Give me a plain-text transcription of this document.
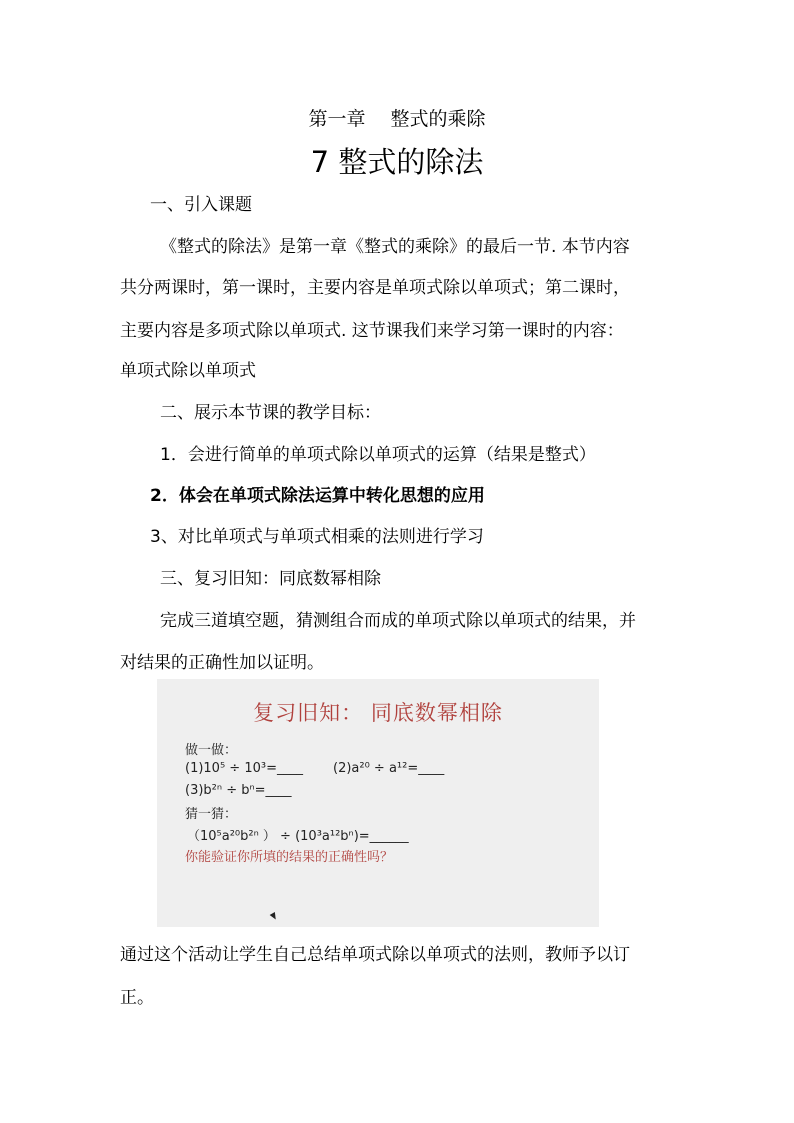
第一章　 整式的乘除
7 整式的除法
一、引入课题
《整式的除法》是第一章《整式的乘除》的最后一节. 本节内容
共分两课时，第一课时，主要内容是单项式除以单项式；第二课时，
主要内容是多项式除以单项式. 这节课我们来学习第一课时的内容：
单项式除以单项式
二、展示本节课的教学目标：
1．会进行简单的单项式除以单项式的运算（结果是整式）
2．体会在单项式除法运算中转化思想的应用
3、对比单项式与单项式相乘的法则进行学习
三、复习旧知：同底数幂相除
完成三道填空题，猜测组合而成的单项式除以单项式的结果，并
对结果的正确性加以证明。
复习旧知： 同底数幂相除
做一做：
(1)10⁵ ÷ 10³=____ (2)a²⁰ ÷ a¹²=____
(3)b²ⁿ ÷ bⁿ=____
猜一猜：
（10⁵a²⁰b²ⁿ ） ÷ (10³a¹²bⁿ)=______
你能验证你所填的结果的正确性吗？
通过这个活动让学生自己总结单项式除以单项式的法则，教师予以订
正。
